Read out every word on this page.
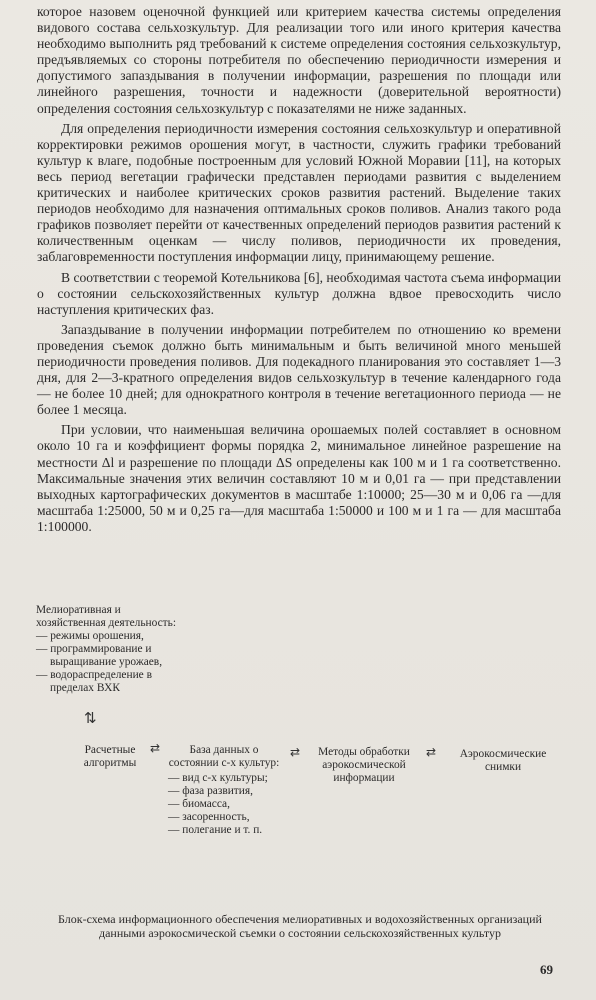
которое назовем оценочной функцией или критерием качества системы определения видового состава сельхозкультур. Для реализации того или иного критерия качества необходимо выполнить ряд требований к системе определения состояния сельхозкультур, предъявляемых со стороны потребителя по обеспечению периодичности измерения и допустимого запаздывания в получении информации, разрешения по площади или линейного разрешения, точности и надежности (доверительной вероятности) определения состояния сельхозкультур с показателями не ниже заданных.

Для определения периодичности измерения состояния сельхозкультур и оперативной корректировки режимов орошения могут, в частности, служить графики требований культур к влаге, подобные построенным для условий Южной Моравии [11], на которых весь период вегетации графически представлен периодами развития с выделением критических и наиболее критических сроков развития растений. Выделение таких периодов необходимо для назначения оптимальных сроков поливов. Анализ такого рода графиков позволяет перейти от качественных определений периодов развития растений к количественным оценкам — числу поливов, периодичности их проведения, заблаговременности поступления информации лицу, принимающему решение.

В соответствии с теоремой Котельникова [6], необходимая частота съема информации о состоянии сельскохозяйственных культур должна вдвое превосходить число наступления критических фаз.

Запаздывание в получении информации потребителем по отношению ко времени проведения съемок должно быть минимальным и быть величиной много меньшей периодичности проведения поливов. Для подекадного планирования это составляет 1—3 дня, для 2—3-кратного определения видов сельхозкультур в течение календарного года — не более 10 дней; для однократного контроля в течение вегетационного периода — не более 1 месяца.

При условии, что наименьшая величина орошаемых полей составляет в основном около 10 га и коэффициент формы порядка 2, минимальное линейное разрешение на местности Δl и разрешение по площади ΔS определены как 100 м и 1 га соответственно. Максимальные значения этих величин составляют 10 м и 0,01 га — при представлении выходных картографических документов в масштабе 1:10000; 25—30 м и 0,06 га —для масштаба 1:25000, 50 м и 0,25 га—для масштаба 1:50000 и 100 м и 1 га — для масштаба 1:100000.

Мелиоративная и хозяйственная деятельность:
— режимы орошения,
— программирование и выращивание урожаев,
— водораспределение в пределах ВХК
⇅
Расчетные алгоритмы
⇄	База данных о состоянии с-х культур:
— вид с-х культуры;
— фаза развития,
— биомасса,
— засоренность,
— полегание и т. п.
⇄	Методы обработки аэрокосмической информации
⇄	Аэрокосмические снимки
Блок-схема информационного обеспечения мелиоративных и водохозяйственных организаций данными аэрокосмической съемки о состоянии сельскохозяйственных культур
69
